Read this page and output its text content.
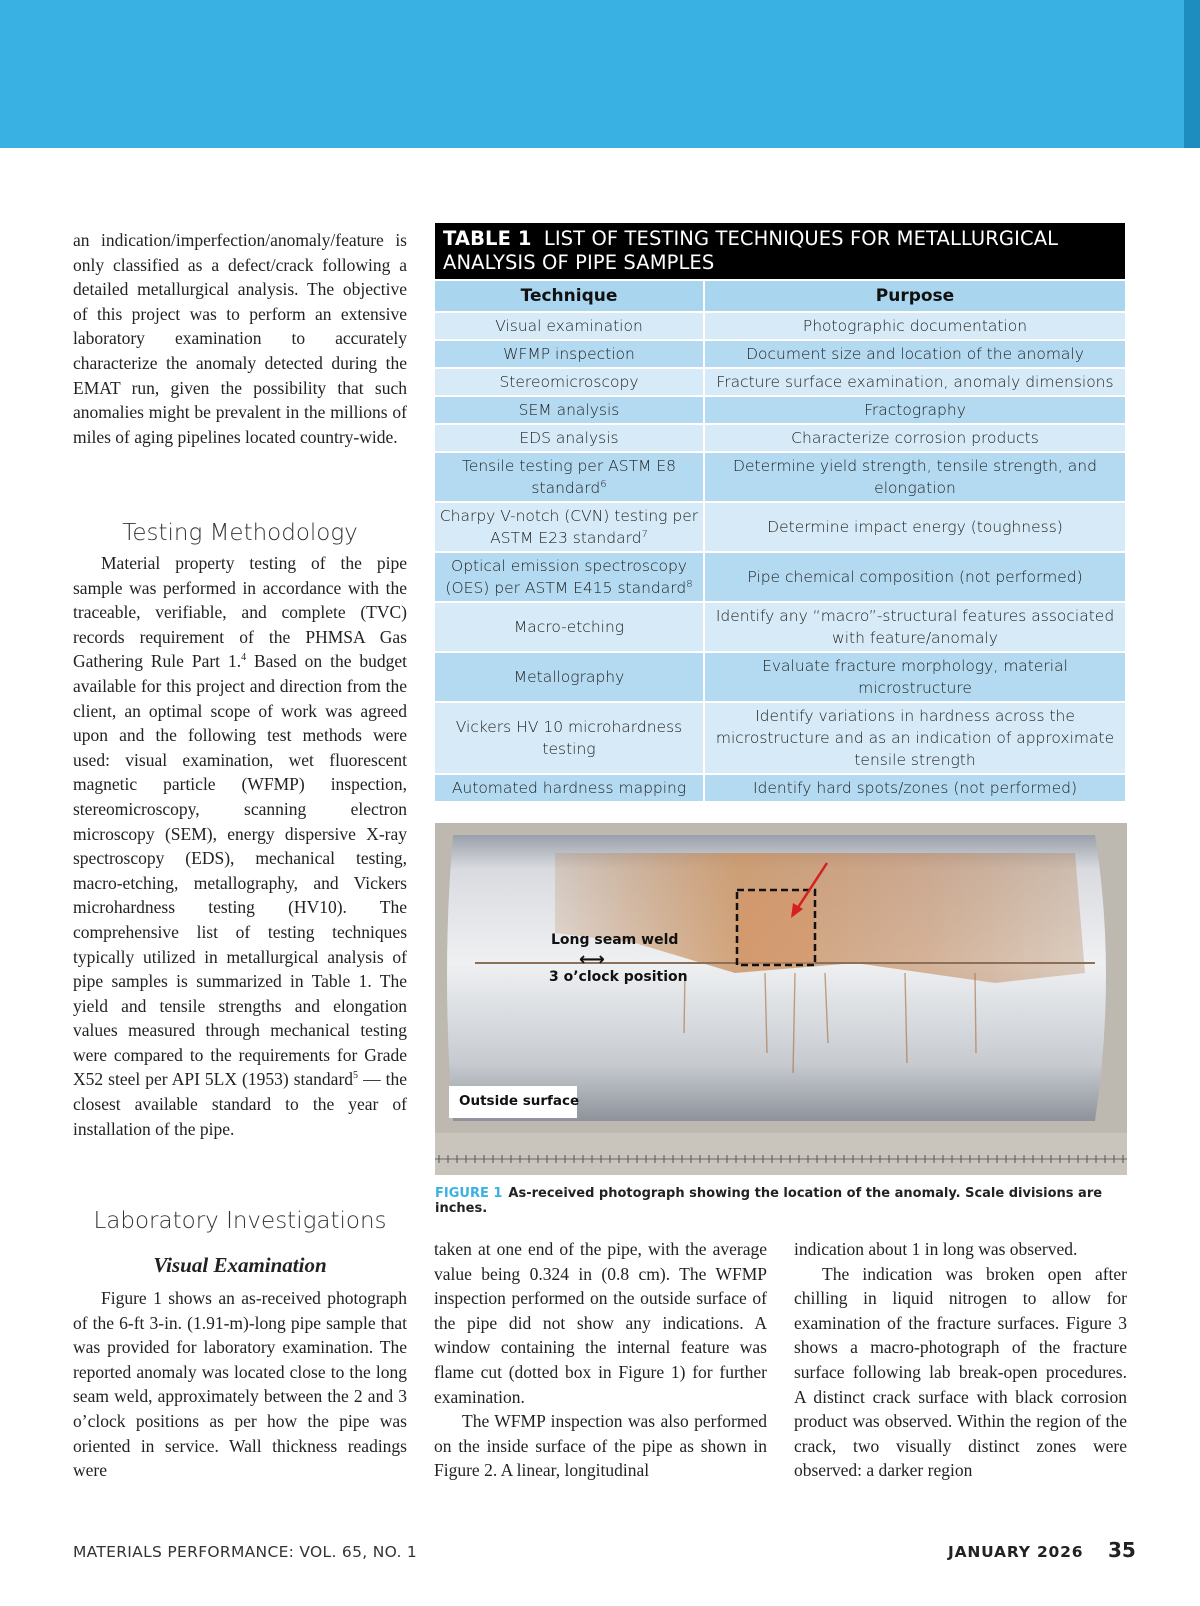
an indication/imperfection/anomaly/feature is only classified as a defect/crack following a detailed metallurgical analysis. The objective of this project was to perform an extensive laboratory examination to accurately characterize the anomaly detected during the EMAT run, given the possibility that such anomalies might be prevalent in the millions of miles of aging pipelines located country-wide.

Testing Methodology

Material property testing of the pipe sample was performed in accordance with the traceable, verifiable, and complete (TVC) records requirement of the PHMSA Gas Gathering Rule Part 1.$^4$ Based on the budget available for this project and direction from the client, an optimal scope of work was agreed upon and the following test methods were used: visual examination, wet fluorescent magnetic particle (WFMP) inspection, stereomicroscopy, scanning electron microscopy (SEM), energy dispersive X-ray spectroscopy (EDS), mechanical testing, macro-etching, metallography, and Vickers microhardness testing (HV10). The comprehensive list of testing techniques typically utilized in metallurgical analysis of pipe samples is summarized in Table 1. The yield and tensile strengths and elongation values measured through mechanical testing were compared to the requirements for Grade X52 steel per API 5LX (1953) standard$^5$ — the closest available standard to the year of installation of the pipe.

Laboratory Investigations
Visual Examination

Figure 1 shows an as-received photograph of the 6-ft 3-in. (1.91-m)-long pipe sample that was provided for laboratory examination. The reported anomaly was located close to the long seam weld, approximately between the 2 and 3 o’clock positions as per how the pipe was oriented in service. Wall thickness readings were

TABLE 1 LIST OF TESTING TECHNIQUES FOR METALLURGICAL ANALYSIS OF PIPE SAMPLES
Technique	Purpose
Visual examination	Photographic documentation
WFMP inspection	Document size and location of the anomaly
Stereomicroscopy	Fracture surface examination, anomaly dimensions
SEM analysis	Fractography
EDS analysis	Characterize corrosion products
Tensile testing per ASTM E8 standard$^6$	Determine yield strength, tensile strength, and elongation
Charpy V-notch (CVN) testing per ASTM E23 standard$^7$	Determine impact energy (toughness)
Optical emission spectroscopy (OES) per ASTM E415 standard$^8$	Pipe chemical composition (not performed)
Macro-etching	Identify any “macro”-structural features associated with feature/anomaly
Metallography	Evaluate fracture morphology, material microstructure
Vickers HV 10 microhardness testing	Identify variations in hardness across the microstructure and as an indication of approximate tensile strength
Automated hardness mapping	Identify hard spots/zones (not performed)
Long seam weld
⟷
3 o’clock position
Outside surface
FIGURE 1 As-received photograph showing the location of the anomaly. Scale divisions are inches.

taken at one end of the pipe, with the average value being 0.324 in (0.8 cm). The WFMP inspection performed on the outside surface of the pipe did not show any indications. A window containing the internal feature was flame cut (dotted box in Figure 1) for further examination.

The WFMP inspection was also performed on the inside surface of the pipe as shown in Figure 2. A linear, longitudinal

indication about 1 in long was observed.

The indication was broken open after chilling in liquid nitrogen to allow for examination of the fracture surfaces. Figure 3 shows a macro-photograph of the fracture surface following lab break-open procedures. A distinct crack surface with black corrosion product was observed. Within the region of the crack, two visually distinct zones were observed: a darker region

MATERIALS PERFORMANCE: VOL. 65, NO. 1	JANUARY 2026 35
